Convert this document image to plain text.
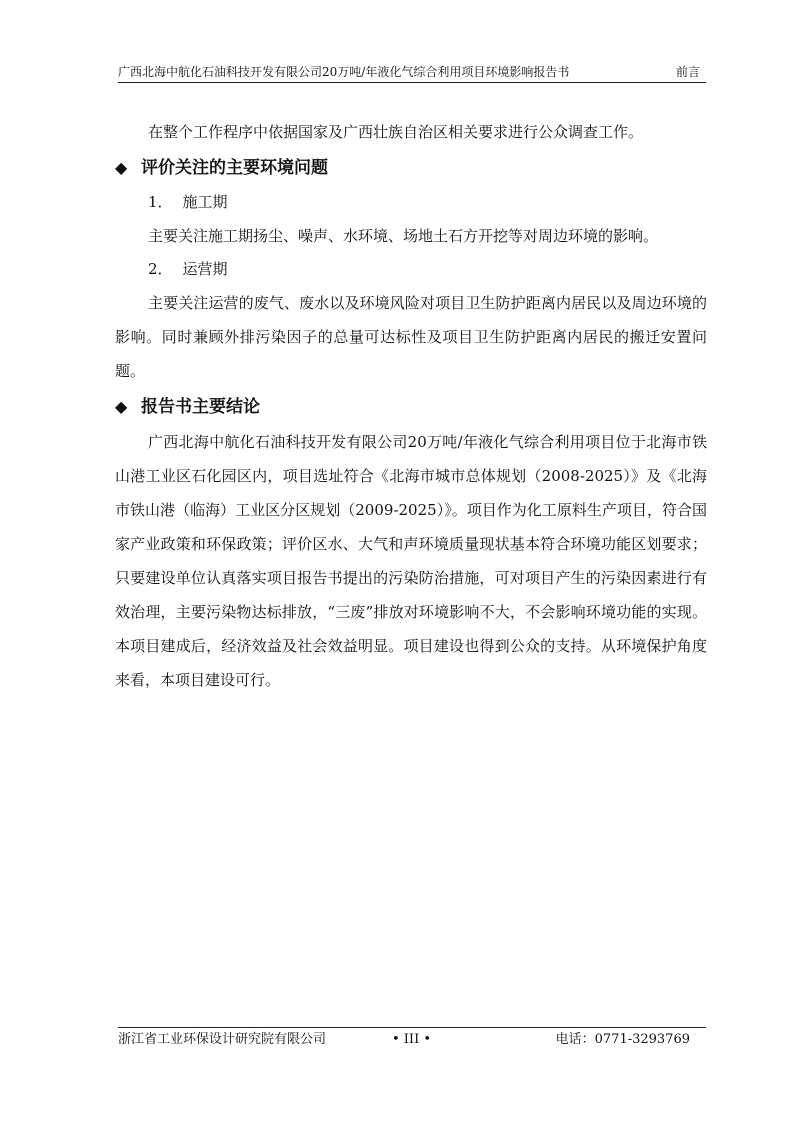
广西北海中航化石油科技开发有限公司20万吨/年液化气综合利用项目环境影响报告书	前言

在整个工作程序中依据国家及广西壮族自治区相关要求进行公众调查工作。

◆ 评价关注的主要环境问题

1． 施工期

主要关注施工期扬尘、噪声、水环境、场地土石方开挖等对周边环境的影响。

2． 运营期

主要关注运营的废气、废水以及环境风险对项目卫生防护距离内居民以及周边环境的影响。同时兼顾外排污染因子的总量可达标性及项目卫生防护距离内居民的搬迁安置问题。

◆ 报告书主要结论

广西北海中航化石油科技开发有限公司20万吨/年液化气综合利用项目位于北海市铁山港工业区石化园区内，项目选址符合《北海市城市总体规划（2008-2025）》及《北海市铁山港（临海）工业区分区规划（2009-2025）》。项目作为化工原料生产项目，符合国家产业政策和环保政策；评价区水、大气和声环境质量现状基本符合环境功能区划要求；只要建设单位认真落实项目报告书提出的污染防治措施，可对项目产生的污染因素进行有效治理，主要污染物达标排放，“三废”排放对环境影响不大，不会影响环境功能的实现。本项目建成后，经济效益及社会效益明显。项目建设也得到公众的支持。从环境保护角度来看，本项目建设可行。

浙江省工业环保设计研究院有限公司	• III •	电话：0771-3293769
